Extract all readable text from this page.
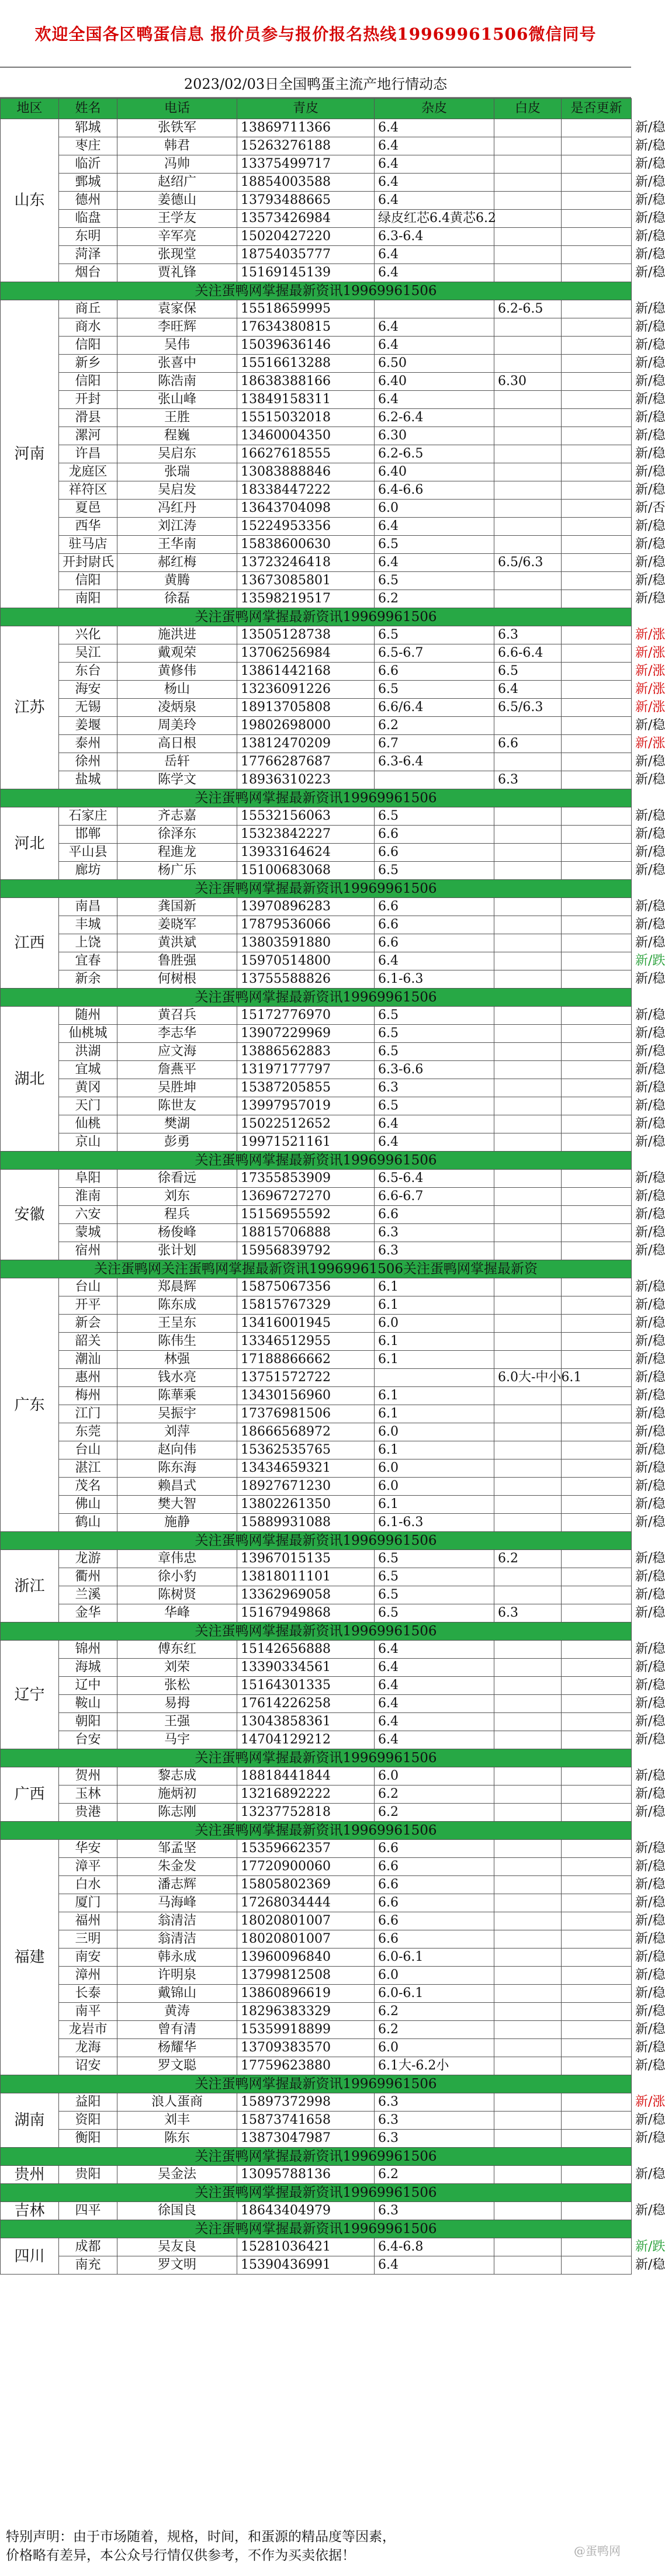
欢迎全国各区鸭蛋信息 报价员参与报价报名热线19969961506微信同号
2023/02/03日全国鸭蛋主流产地行情动态
地区	姓名	电话	青皮	杂皮	白皮	是否更新	
山东	郓城	张铁军	13869711366	6.4			新/稳
	枣庄	韩君	15263276188	6.4			新/稳
	临沂	冯帅	13375499717	6.4			新/稳
	鄄城	赵绍广	18854003588	6.4			新/稳
	德州	姜德山	13793488665	6.4			新/稳
	临盘	王学友	13573426984	绿皮红芯6.4黄芯6.2			新/稳
	东明	辛军亮	15020427220	6.3-6.4			新/稳
	菏泽	张现堂	18754035777	6.4			新/稳
	烟台	贾礼锋	15169145139	6.4			新/稳
关注蛋鸭网掌握最新资讯19969961506							
河南	商丘	袁家保	15518659995		6.2-6.5		新/稳
	商水	李旺辉	17634380815	6.4			新/稳
	信阳	吴伟	15039636146	6.4			新/稳
	新乡	张喜中	15516613288	6.50			新/稳
	信阳	陈浩南	18638388166	6.40	6.30		新/稳
	开封	张山峰	13849158311	6.4			新/稳
	滑县	王胜	15515032018	6.2-6.4			新/稳
	漯河	程巍	13460004350	6.30			新/稳
	许昌	吴启东	16627618555	6.2-6.5			新/稳
	龙庭区	张瑞	13083888846	6.40			新/稳
	祥符区	吴启发	18338447222	6.4-6.6			新/稳
	夏邑	冯红丹	13643704098	6.0			新/否
	西华	刘江涛	15224953356	6.4			新/稳
	驻马店	王华南	15838600630	6.5			新/稳
	开封尉氏	郝红梅	13723246418	6.4	6.5/6.3		新/稳
	信阳	黄腾	13673085801	6.5			新/稳
	南阳	徐磊	13598219517	6.2			新/稳
关注蛋鸭网掌握最新资讯19969961506							
江苏	兴化	施洪进	13505128738	6.5	6.3		新/涨
	吴江	戴观荣	13706256984	6.5-6.7	6.6-6.4		新/涨
	东台	黄修伟	13861442168	6.6	6.5		新/涨
	海安	杨山	13236091226	6.5	6.4		新/涨
	无锡	凌炳泉	18913705808	6.6/6.4	6.5/6.3		新/涨
	姜堰	周美玲	19802698000	6.2			新/稳
	泰州	高日根	13812470209	6.7	6.6		新/涨
	徐州	岳轩	17766287687	6.3-6.4			新/稳
	盐城	陈学文	18936310223		6.3		新/稳
关注蛋鸭网掌握最新资讯19969961506							
河北	石家庄	齐志嘉	15532156063	6.5			新/稳
	邯郸	徐泽东	15323842227	6.6			新/稳
	平山县	程進龙	13933164624	6.6			新/稳
	廊坊	杨广乐	15100683068	6.5			新/稳
关注蛋鸭网掌握最新资讯19969961506							
江西	南昌	龚国新	13970896283	6.6			新/稳
	丰城	姜晓军	17879536066	6.6			新/稳
	上饶	黄洪斌	13803591880	6.6			新/稳
	宜春	鲁胜强	15970514800	6.4			新/跌
	新余	何树根	13755588826	6.1-6.3			新/稳
关注蛋鸭网掌握最新资讯19969961506							
湖北	随州	黄召兵	15172776970	6.5			新/稳
	仙桃城	李志华	13907229969	6.5			新/稳
	洪湖	应文海	13886562883	6.5			新/稳
	宜城	詹燕平	13197177797	6.3-6.6			新/稳
	黄冈	吴胜坤	15387205855	6.3			新/稳
	天门	陈世友	13997957019	6.5			新/稳
	仙桃	樊湖	15022512652	6.4			新/稳
	京山	彭勇	19971521161	6.4			新/稳
关注蛋鸭网掌握最新资讯19969961506							
安徽	阜阳	徐看远	17355853909	6.5-6.4			新/稳
	淮南	刘东	13696727270	6.6-6.7			新/稳
	六安	程兵	15156955592	6.6			新/稳
	蒙城	杨俊峰	18815706888	6.3			新/稳
	宿州	张计划	15956839792	6.3			新/稳
关注蛋鸭网关注蛋鸭网掌握最新资讯19969961506关注蛋鸭网掌握最新资							
广东	台山	郑晨辉	15875067356	6.1			新/稳
	开平	陈东成	15815767329	6.1			新/稳
	新会	王呈东	13416001945	6.0			新/稳
	韶关	陈伟生	13346512955	6.1			新/稳
	潮汕	林强	17188866662	6.1			新/稳
	惠州	钱水亮	13751572722		6.0大-中小6.1		新/稳
	梅州	陈華乘	13430156960	6.1			新/稳
	江门	吴振宇	17376981506	6.1			新/稳
	东莞	刘萍	18666568972	6.0			新/稳
	台山	赵向伟	15362535765	6.1			新/稳
	湛江	陈东海	13434659321	6.0			新/稳
	茂名	赖昌式	18927671230	6.0			新/稳
	佛山	樊大智	13802261350	6.1			新/稳
	鹤山	施静	15889931088	6.1-6.3			新/稳
关注蛋鸭网掌握最新资讯19969961506							
浙江	龙游	章伟忠	13967015135	6.5	6.2		新/稳
	衢州	徐小豹	13818011101	6.5			新/稳
	兰溪	陈树贤	13362969058	6.5			新/稳
	金华	华峰	15167949868	6.5	6.3		新/稳
关注蛋鸭网掌握最新资讯19969961506							
辽宁	锦州	傅东红	15142656888	6.4			新/稳
	海城	刘荣	13390334561	6.4			新/稳
	辽中	张松	15164301335	6.4			新/稳
	鞍山	易拇	17614226258	6.4			新/稳
	朝阳	王强	13043858361	6.4			新/稳
	台安	马宇	14704129212	6.4			新/稳
关注蛋鸭网掌握最新资讯19969961506							
广西	贺州	黎志成	18818441844	6.0			新/稳
	玉林	施炳初	13216892222	6.2			新/稳
	贵港	陈志刚	13237752818	6.2			新/稳
关注蛋鸭网掌握最新资讯19969961506							
福建	华安	邹孟坚	15359662357	6.6			新/稳
	漳平	朱金发	17720900060	6.6			新/稳
	白水	潘志辉	15805802369	6.6			新/稳
	厦门	马海峰	17268034444	6.6			新/稳
	福州	翁清洁	18020801007	6.6			新/稳
	三明	翁清洁	18020801007	6.6			新/稳
	南安	韩永成	13960096840	6.0-6.1			新/稳
	漳州	许明泉	13799812508	6.0			新/稳
	长泰	戴锦山	13860896619	6.0-6.1			新/稳
	南平	黄涛	18296383329	6.2			新/稳
	龙岩市	曾有清	15359918899	6.2			新/稳
	龙海	杨耀华	13709383570	6.0			新/稳
	诏安	罗文聪	17759623880	6.1大-6.2小			新/稳
关注蛋鸭网掌握最新资讯19969961506							
湖南	益阳	浪人蛋商	15897372998	6.3			新/涨
	资阳	刘丰	15873741658	6.3			新/稳
	衡阳	陈东	13873047987	6.3			新/稳
关注蛋鸭网掌握最新资讯19969961506							
贵州	贵阳	吴金法	13095788136	6.2			新/稳
关注蛋鸭网掌握最新资讯19969961506							
吉林	四平	徐国良	18643404979	6.3			新/稳
关注蛋鸭网掌握最新资讯19969961506							
四川	成都	吴友良	15281036421	6.4-6.8			新/跌
	南充	罗文明	15390436991	6.4			新/稳
特别声明：由于市场随着，规格，时间，和蛋源的精品度等因素，
价格略有差异，本公众号行情仅供参考，不作为买卖依据！	@蛋鸭网
